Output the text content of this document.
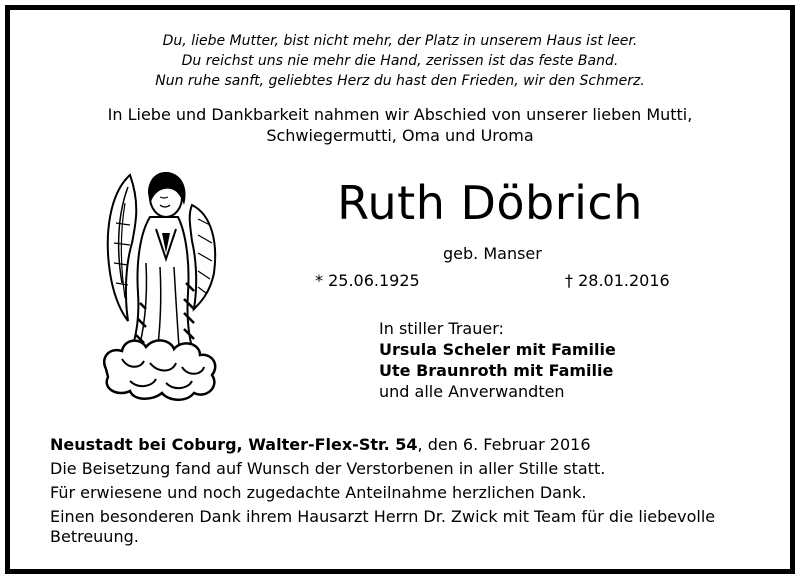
Du, liebe Mutter, bist nicht mehr, der Platz in unserem Haus ist leer.
Du reichst uns nie mehr die Hand, zerissen ist das feste Band.
Nun ruhe sanft, geliebtes Herz du hast den Frieden, wir den Schmerz.
In Liebe und Dankbarkeit nahmen wir Abschied von unserer lieben Mutti,
Schwiegermutti, Oma und Uroma
Ruth Döbrich
geb. Manser
* 25.06.1925	† 28.01.2016
In stiller Trauer:
Ursula Scheler mit Familie
Ute Braunroth mit Familie
und alle Anverwandten
Neustadt bei Coburg, Walter-Flex-Str. 54, den 6. Februar 2016
Die Beisetzung fand auf Wunsch der Verstorbenen in aller Stille statt.
Für erwiesene und noch zugedachte Anteilnahme herzlichen Dank.
Einen besonderen Dank ihrem Hausarzt Herrn Dr. Zwick mit Team für die liebevolle
Betreuung.
